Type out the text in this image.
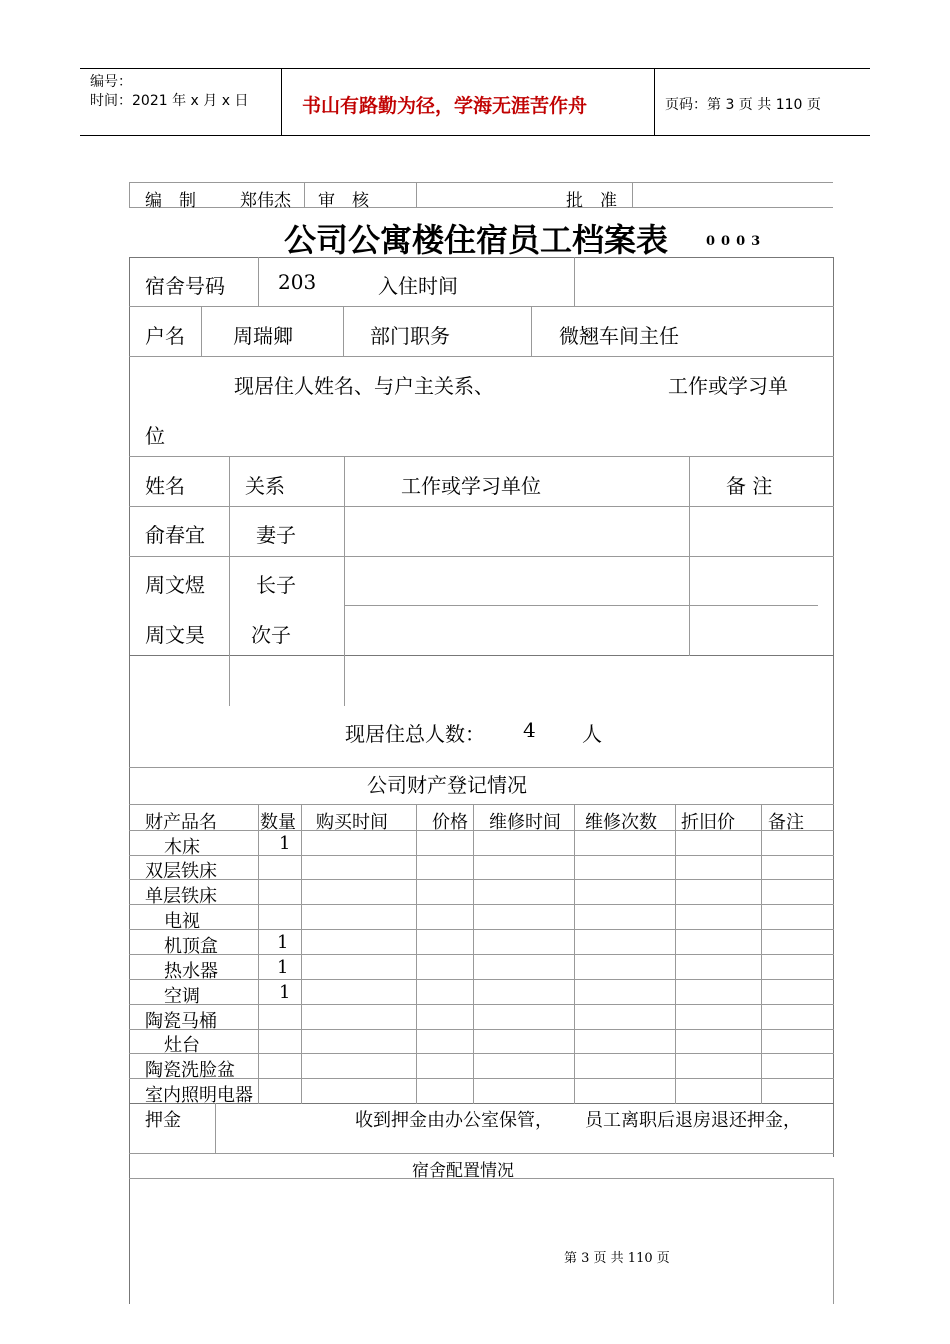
编号：
时间：2021 年 x 月 x 日	书山有路勤为径，学海无涯苦作舟	页码：第 3 页 共 110 页
编　制	郑伟杰 审　核	批　准
公司公寓楼住宿员工档案表	0003
宿舍号码	203	入住时间
户名 周瑞卿	部门职务	微翘车间主任
现居住人姓名、与户主关系、	工作或学习单
位
姓名	关系	工作或学习单位	备 注
俞春宜	妻子
周文煜	长子
周文昊 次子
现居住总人数： 4 人
公司财产登记情况
财产品名 数量 购买时间 价格 维修时间 维修次数 折旧价 备注
木床	1
双层铁床
单层铁床
电视
机顶盒	1
热水器	1
空调	1
陶瓷马桶
灶台
陶瓷洗脸盆
室内照明电器
押金	收到押金由办公室保管， 员工离职后退房退还押金，
宿舍配置情况
第 3 页 共 110 页
